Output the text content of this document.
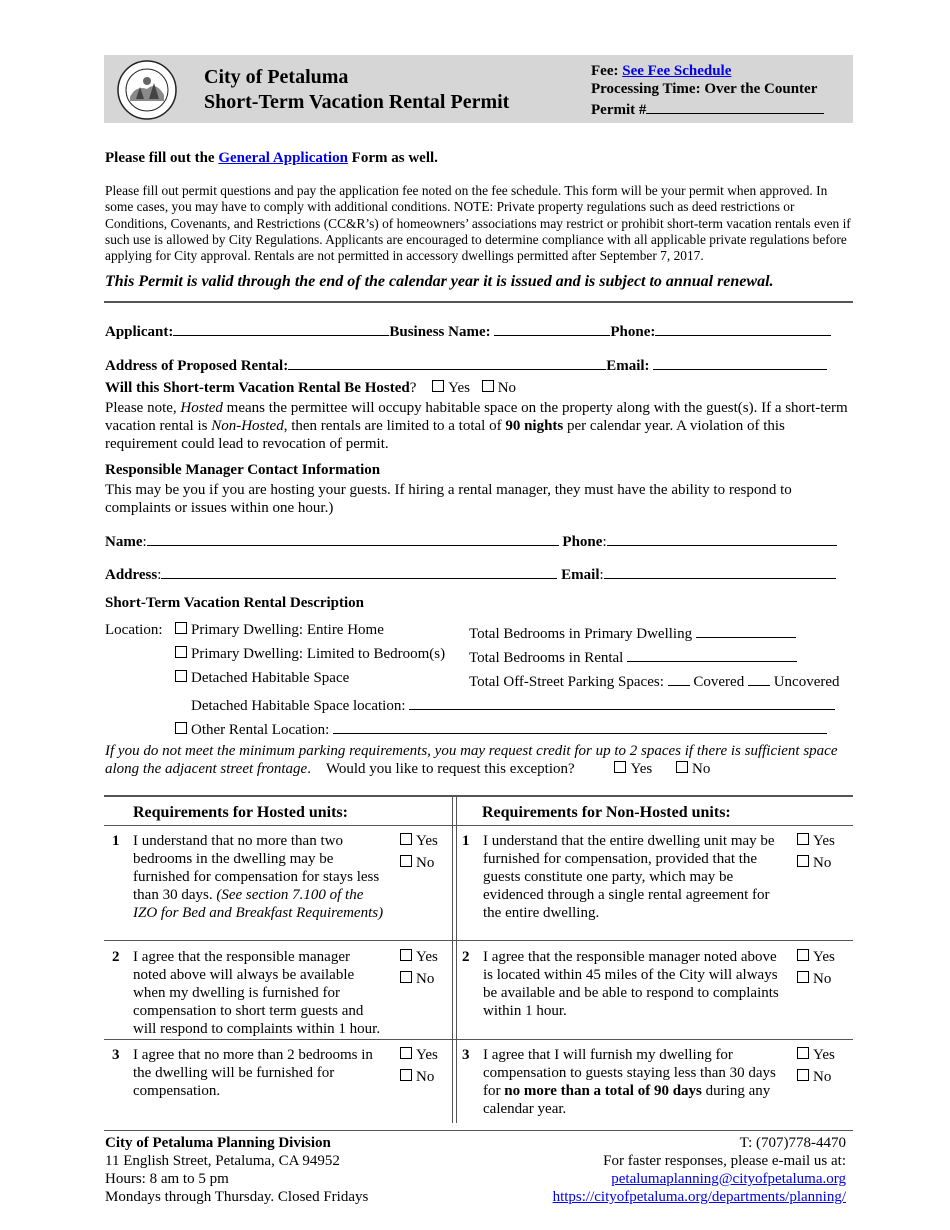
City of Petaluma
Short-Term Vacation Rental Permit
Fee: See Fee Schedule
Processing Time: Over the Counter
Permit #
Please fill out the General Application Form as well.
Please fill out permit questions and pay the application fee noted on the fee schedule. This form will be your permit when approved. In some cases, you may have to comply with additional conditions. NOTE: Private property regulations such as deed restrictions or Conditions, Covenants, and Restrictions (CC&R’s) of homeowners’ associations may restrict or prohibit short-term vacation rentals even if such use is allowed by City Regulations. Applicants are encouraged to determine compliance with all applicable private regulations before applying for City approval. Rentals are not permitted in accessory dwellings permitted after September 7, 2017.
This Permit is valid through the end of the calendar year it is issued and is subject to annual renewal.
Applicant:	Business Name:	Phone:
Address of Proposed Rental:	Email:
Will this Short-term Vacation Rental Be Hosted? Yes No
Please note, Hosted means the permittee will occupy habitable space on the property along with the guest(s). If a short-term vacation rental is Non-Hosted, then rentals are limited to a total of 90 nights per calendar year. A violation of this requirement could lead to revocation of permit.
Responsible Manager Contact Information
This may be you if you are hosting your guests. If hiring a rental manager, they must have the ability to respond to complaints or issues within one hour.)
Name:	Phone:
Address:	Email:
Short-Term Vacation Rental Description
Location:	Primary Dwelling: Entire Home
Primary Dwelling: Limited to Bedroom(s)
Detached Habitable Space
Total Bedrooms in Primary Dwelling
Total Bedrooms in Rental
Total Off-Street Parking Spaces: Covered Uncovered
Detached Habitable Space location:
Other Rental Location:
If you do not meet the minimum parking requirements, you may request credit for up to 2 spaces if there is sufficient space along the adjacent street frontage. Would you like to request this exception?	Yes	No
Requirements for Hosted units:	Requirements for Non-Hosted units:
1 I understand that no more than two bedrooms in the dwelling may be furnished for compensation for stays less than 30 days. (See section 7.100 of the IZO for Bed and Breakfast Requirements)
Yes
No
1 I understand that the entire dwelling unit may be furnished for compensation, provided that the guests constitute one party, which may be evidenced through a single rental agreement for the entire dwelling.
Yes
No
2 I agree that the responsible manager noted above will always be available when my dwelling is furnished for compensation to short term guests and will respond to complaints within 1 hour.
Yes
No
2 I agree that the responsible manager noted above is located within 45 miles of the City will always be available and be able to respond to complaints within 1 hour.
Yes
No
3 I agree that no more than 2 bedrooms in the dwelling will be furnished for compensation.
Yes
No
3 I agree that I will furnish my dwelling for compensation to guests staying less than 30 days for no more than a total of 90 days during any calendar year.
Yes
No
City of Petaluma Planning Division
11 English Street, Petaluma, CA 94952
Hours: 8 am to 5 pm
Mondays through Thursday. Closed Fridays
T: (707)778-4470
For faster responses, please e-mail us at:
petalumaplanning@cityofpetaluma.org
https://cityofpetaluma.org/departments/planning/
